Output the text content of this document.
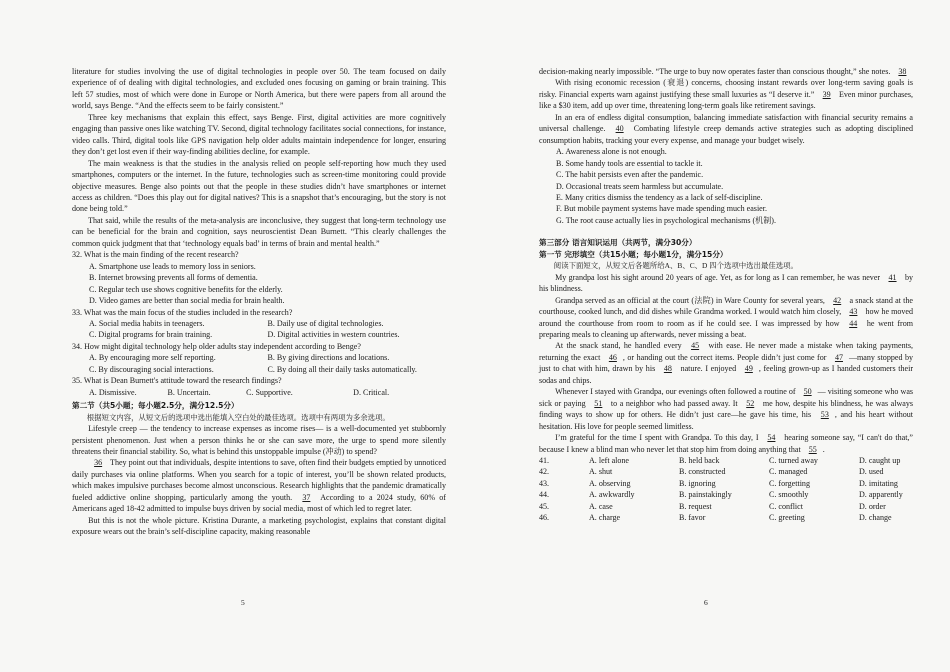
literature for studies involving the use of digital technologies in people over 50. The team focused on daily experience of of dealing with digital technologies, and excluded ones focusing on gaming or brain training. This left 57 studies, most of which were done in Europe or North America, but there were papers from all around the world, says Benge. “And the effects seem to be fairly consistent.”

Three key mechanisms that explain this effect, says Benge. First, digital activities are more cognitively engaging than passive ones like watching TV. Second, digital technology facilitates social connections, for instance, video calls. Third, digital tools like GPS navigation help older adults maintain independence for longer, ensuring they don’t get lost even if their way-finding abilities decline, for example.

The main weakness is that the studies in the analysis relied on people self-reporting how much they used smartphones, computers or the internet. In the future, technologies such as screen-time monitoring could provide objective measures. Benge also points out that the people in these studies didn’t have smartphones or internet access as children. “Does this play out for digital natives? This is a snapshot that’s encouraging, but the story is not done being told.”

That said, while the results of the meta-analysis are inconclusive, they suggest that long-term technology use can be beneficial for the brain and cognition, says neuroscientist Dean Burnett. “This clearly challenges the common quick judgment that that ‘technology equals bad’ in terms of brain and mental health.”

32. What is the main finding of the recent research?

A. Smartphone use leads to memory loss in seniors.

B. Internet browsing prevents all forms of dementia.

C. Regular tech use shows cognitive benefits for the elderly.

D. Video games are better than social media for brain health.

33. What was the main focus of the studies included in the research?

A. Social media habits in teenagers.	B. Daily use of digital technologies.
C. Digital programs for brain training.	D. Digital activities in western countries.

34. How might digital technology help older adults stay independent according to Benge?

A. By encouraging more self reporting.	B. By giving directions and locations.
C. By discouraging social interactions.	C. By doing all their daily tasks automatically.

35. What is Dean Burnett's attitude toward the research findings?

A. Dismissive.	B. Uncertain.	C. Supportive.	D. Critical.

第二节（共5小题；每小题2.5分，满分12.5分）

根据短文内容，从短文后的选项中选出能填入空白处的最佳选项。选项中有两项为多余选项。

Lifestyle creep — the tendency to increase expenses as income rises— is a well-documented yet stubbornly persistent phenomenon. Just when a person thinks he or she can save more, the urge to spend more silently threatens their financial stability. So, what is behind this unstoppable impulse (冲动) to spend?

36 They point out that individuals, despite intentions to save, often find their budgets emptied by unnoticed daily purchases via online platforms. When you search for a topic of interest, you’ll be shown related products, which makes impulsive purchases become almost unconscious. Research highlights that the pandemic dramatically fueled addictive online shopping, particularly among the youth. 37 According to a 2024 study, 60% of Americans aged 18-42 admitted to impulse buys driven by social media, most of which led to regret later.

But this is not the whole picture. Kristina Durante, a marketing psychologist, explains that constant digital exposure wears out the brain’s self-discipline capacity, making reasonable

5

decision-making nearly impossible. “The urge to buy now operates faster than conscious thought,” she notes. 38

With rising economic recession (衰退) concerns, choosing instant rewards over long-term saving goals is risky. Financial experts warn against justifying these small luxuries as “I deserve it.” 39 Even minor purchases, like a $30 item, add up over time, threatening long-term goals like retirement savings.

In an era of endless digital consumption, balancing immediate satisfaction with financial security remains a universal challenge. 40 Combating lifestyle creep demands active strategies such as adopting disciplined consumption habits, tracking your every expense, and manage your budget wisely.

A. Awareness alone is not enough.

B. Some handy tools are essential to tackle it.

C. The habit persists even after the pandemic.

D. Occasional treats seem harmless but accumulate.

E. Many critics dismiss the tendency as a lack of self-discipline.

F. But mobile payment systems have made spending much easier.

G. The root cause actually lies in psychological mechanisms (机制).

第三部分 语言知识运用（共两节，满分30分）

第一节 完形填空（共15小题；每小题1分，满分15分）

阅读下面短文，从短文后各题所给A、B、C、D 四个选项中选出最佳选项。

My grandpa lost his sight around 20 years of age. Yet, as for long as I can remember, he was never 41 by his blindness.

Grandpa served as an official at the court (法院) in Ware County for several years, 42 a snack stand at the courthouse, cooked lunch, and did dishes while Grandma worked. I would watch him closely, 43 how he moved around the courthouse from room to room as if he could see. I was impressed by how 44 he went from preparing meals to cleaning up afterwards, never missing a beat.

At the snack stand, he handled every 45 with ease. He never made a mistake when taking payments, returning the exact 46 , or handing out the correct items. People didn’t just come for 47 —many stopped by just to chat with him, drawn by his 48 nature. I enjoyed 49 , feeling grown-up as I handed customers their sodas and chips.

Whenever I stayed with Grandpa, our evenings often followed a routine of 50 — visiting someone who was sick or paying 51 to a neighbor who had passed away. It 52 me how, despite his blindness, he was always finding ways to show up for others. He didn’t just care—he gave his time, his 53 , and his heart without hesitation. His love for people seemed limitless.

I’m grateful for the time I spent with Grandpa. To this day, I 54 hearing someone say, “I can't do that,” because I knew a blind man who never let that stop him from doing anything that 55 .

41.	A. left alone	B. held back	C. turned away	D. caught up
42.	A. shut	B. constructed	C. managed	D. used
43.	A. observing	B. ignoring	C. forgetting	D. imitating
44.	A. awkwardly	B. painstakingly	C. smoothly	D. apparently
45.	A. case	B. request	C. conflict	D. order
46.	A. charge	B. favor	C. greeting	D. change
6
